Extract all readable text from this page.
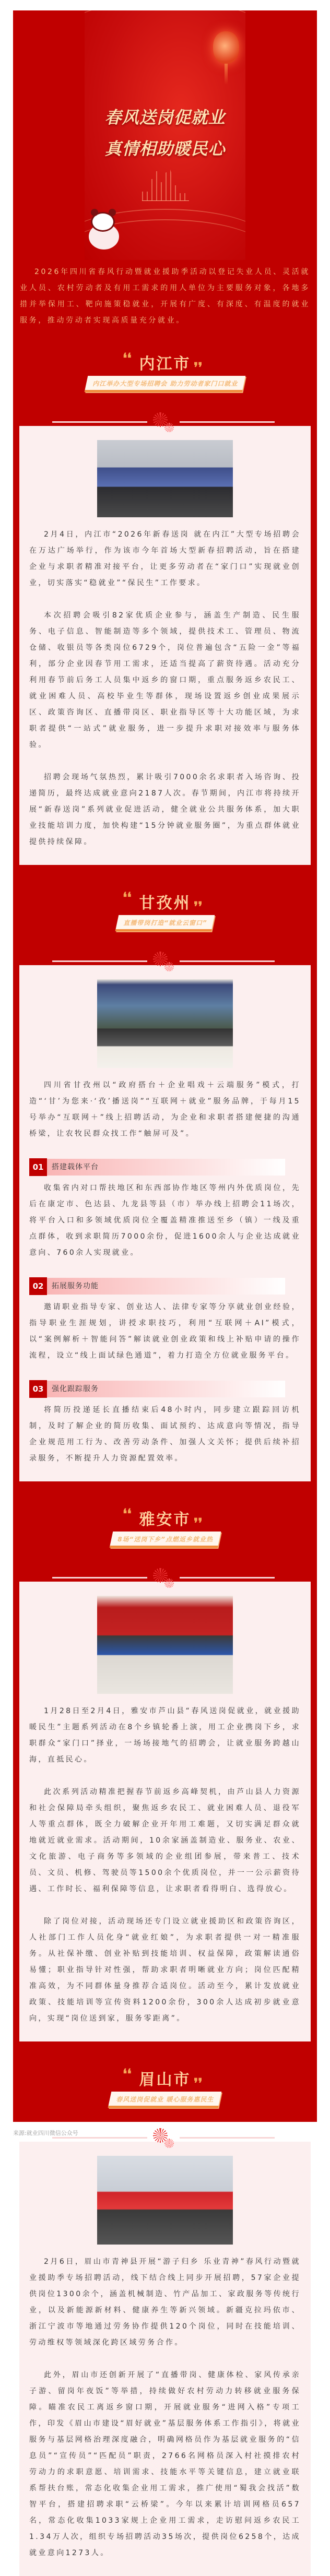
春风送岗促就业
真情相助暖民心

2026年四川省春风行动暨就业援助季活动以登记失业人员、灵活就业人员、农村劳动者及有用工需求的用人单位为主要服务对象，各地多措并举保用工、靶向施策稳就业，开展有广度、有深度、有温度的就业服务，推动劳动者实现高质量充分就业。

❛❛ 内江市 ❜❜
内江举办大型专场招聘会 助力劳动者家门口就业

2月4日，内江市“2026年新春送岗 就在内江”大型专场招聘会在万达广场举行，作为该市今年首场大型新春招聘活动，旨在搭建企业与求职者精准对接平台，让更多劳动者在“家门口”实现就业创业，切实落实“稳就业”“保民生”工作要求。

本次招聘会吸引82家优质企业参与，涵盖生产制造、民生服务、电子信息、智能制造等多个领域，提供技术工、管理员、物流仓储、收银员等各类岗位6729个，岗位普遍包含“五险一金”等福利，部分企业因春节用工需求，还适当提高了薪资待遇。活动充分利用春节前后务工人员集中返乡的窗口期，重点服务返乡农民工、就业困难人员、高校毕业生等群体，现场设置返乡创业成果展示区、政策咨询区、直播带岗区、职业指导区等十大功能区域，为求职者提供“一站式”就业服务，进一步提升求职对接效率与服务体验。

招聘会现场气氛热烈，累计吸引7000余名求职者入场咨询、投递简历，最终达成就业意向2187人次。春节期间，内江市将持续开展“新春送岗”系列就业促进活动，健全就业公共服务体系，加大职业技能培训力度，加快构建“15分钟就业服务圈”，为重点群体就业提供持续保障。

❛❛ 甘孜州 ❜❜
直播带岗打造“就业云窗口”

四川省甘孜州以“政府搭台＋企业唱戏＋云端服务”模式，打造“‘甘’为您来·‘孜’播送岗”“互联网＋就业”服务品牌，于每月15号举办“互联网＋”线上招聘活动，为企业和求职者搭建便捷的沟通桥梁，让农牧民群众找工作“触屏可及”。

01	搭建载体平台

收集省内对口帮扶地区和东西部协作地区等州内外优质岗位，先后在康定市、色达县、九龙县等县（市）举办线上招聘会11场次，将平台入口和多领域优质岗位全覆盖精准推送至乡（镇）一线及重点群体，收到求职简历7000余份，促进1600余人与企业达成就业意向、760余人实现就业。

02	拓展服务功能

邀请职业指导专家、创业达人、法律专家等分享就业创业经验，指导职业生涯规划，讲授求职技巧，利用“互联网＋AI”模式，以“案例解析＋智能问答”解读就业创业政策和线上补贴申请的操作流程，设立“线上面试绿色通道”，着力打造全方位就业服务平台。

03	强化跟踪服务

将简历投递延长直播结束后48小时内，同步建立跟踪回访机制，及时了解企业的简历收集、面试预约、达成意向等情况，指导企业规范用工行为、改善劳动条件、加强人文关怀；提供后续补招录服务，不断提升人力资源配置效率。

❛❛ 雅安市 ❜❜
8场“送岗下乡”点燃返乡就业热

1月28日至2月4日，雅安市芦山县“春风送岗促就业，就业援助暖民生”主题系列活动在8个乡镇轮番上演，用工企业携岗下乡，求职群众“家门口”择业，一场场接地气的招聘会，让就业服务跨越山海，直抵民心。

此次系列活动精准把握春节前返乡高峰契机，由芦山县人力资源和社会保障局牵头组织，聚焦返乡农民工、就业困难人员、退役军人等重点群体，既全力破解企业开年用工难题，又切实满足群众就地就近就业需求。活动期间，10余家涵盖制造业、服务业、农业、文化旅游、电子商务等多领域的企业组团参展，带来普工、技术员、文员、机修、驾驶员等1500余个优质岗位，并一一公示薪资待遇、工作时长、福利保障等信息，让求职者看得明白、选得放心。

除了岗位对接，活动现场还专门设立就业援助区和政策咨询区，人社部门工作人员化身“就业红娘”，为求职者提供一对一精准服务。从社保补缴、创业补贴到技能培训、权益保障，政策解读通俗易懂；职业指导针对性强，帮助求职者明晰就业方向；岗位匹配精准高效，为不同群体量身推荐合适岗位。活动至今，累计发放就业政策、技能培训等宣传资料1200余份，300余人达成初步就业意向，实现“岗位送到家，服务零距离”。

❛❛ 眉山市 ❜❜
春风送岗促就业 暖心服务惠民生

2月6日，眉山市青神县开展“游子归乡 乐业青神”春风行动暨就业援助季专场招聘活动，线下结合线上同步开展招聘，57家企业提供岗位1300余个，涵盖机械制造、竹产品加工、家政服务等传统行业，以及新能源新材料、健康养生等新兴领域。新疆克拉玛依市、浙江宁波市等地通过劳务协作提供120个岗位，同时在技能培训、劳动维权等领域深化跨区域劳务合作。

此外，眉山市还创新开展了“直播带岗、健康体检、家风传承亲子游、留岗年夜饭”等举措，持续做好农村劳动力转移就业服务保障。瞄准农民工离返乡窗口期，开展就业服务“进网入格”专项工作，印发《眉山市建设“眉好就业”基层服务体系工作指引》，将就业服务与基层网格治理深度融合，明确网格员作为基层就业服务的“信息员”“宣传员”“匹配员”职责，2766名网格员深入村社摸排农村劳动力的求职意愿、培训需求、技能水平等关键信息，建立就业联系帮扶台账，常态化收集企业用工需求，推广使用“蜀我会找活”数智平台，搭建招聘求职“云桥梁”。今年以来累计培训网格员657名，常态化收集1033家规上企业用工需求，走访慰问返乡农民工1.34万人次，组织专场招聘活动35场次，提供岗位6258个，达成就业意向1273人。

来源:就业四川微信公众号
